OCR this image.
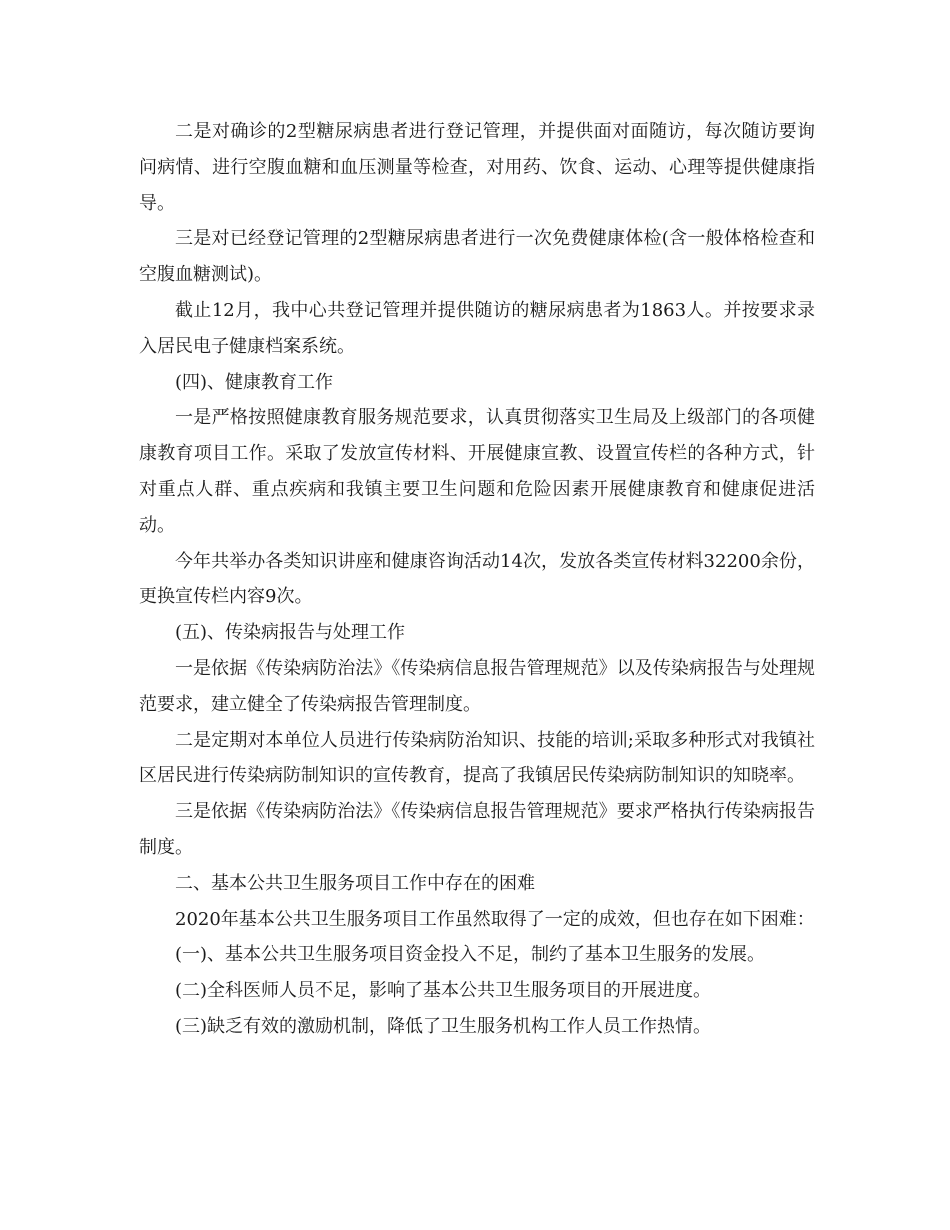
二是对确诊的2型糖尿病患者进行登记管理，并提供面对面随访，每次随访要询问病情、进行空腹血糖和血压测量等检查，对用药、饮食、运动、心理等提供健康指导。

三是对已经登记管理的2型糖尿病患者进行一次免费健康体检(含一般体格检查和空腹血糖测试)。

截止12月，我中心共登记管理并提供随访的糖尿病患者为1863人。并按要求录入居民电子健康档案系统。

(四)、健康教育工作

一是严格按照健康教育服务规范要求，认真贯彻落实卫生局及上级部门的各项健康教育项目工作。采取了发放宣传材料、开展健康宣教、设置宣传栏的各种方式，针对重点人群、重点疾病和我镇主要卫生问题和危险因素开展健康教育和健康促进活动。

今年共举办各类知识讲座和健康咨询活动14次，发放各类宣传材料32200余份，更换宣传栏内容9次。

(五)、传染病报告与处理工作

一是依据《传染病防治法》《传染病信息报告管理规范》以及传染病报告与处理规范要求，建立健全了传染病报告管理制度。

二是定期对本单位人员进行传染病防治知识、技能的培训;采取多种形式对我镇社区居民进行传染病防制知识的宣传教育，提高了我镇居民传染病防制知识的知晓率。

三是依据《传染病防治法》《传染病信息报告管理规范》要求严格执行传染病报告制度。

二、基本公共卫生服务项目工作中存在的困难

2020年基本公共卫生服务项目工作虽然取得了一定的成效，但也存在如下困难：

(一)、基本公共卫生服务项目资金投入不足，制约了基本卫生服务的发展。

(二)全科医师人员不足，影响了基本公共卫生服务项目的开展进度。

(三)缺乏有效的激励机制，降低了卫生服务机构工作人员工作热情。
